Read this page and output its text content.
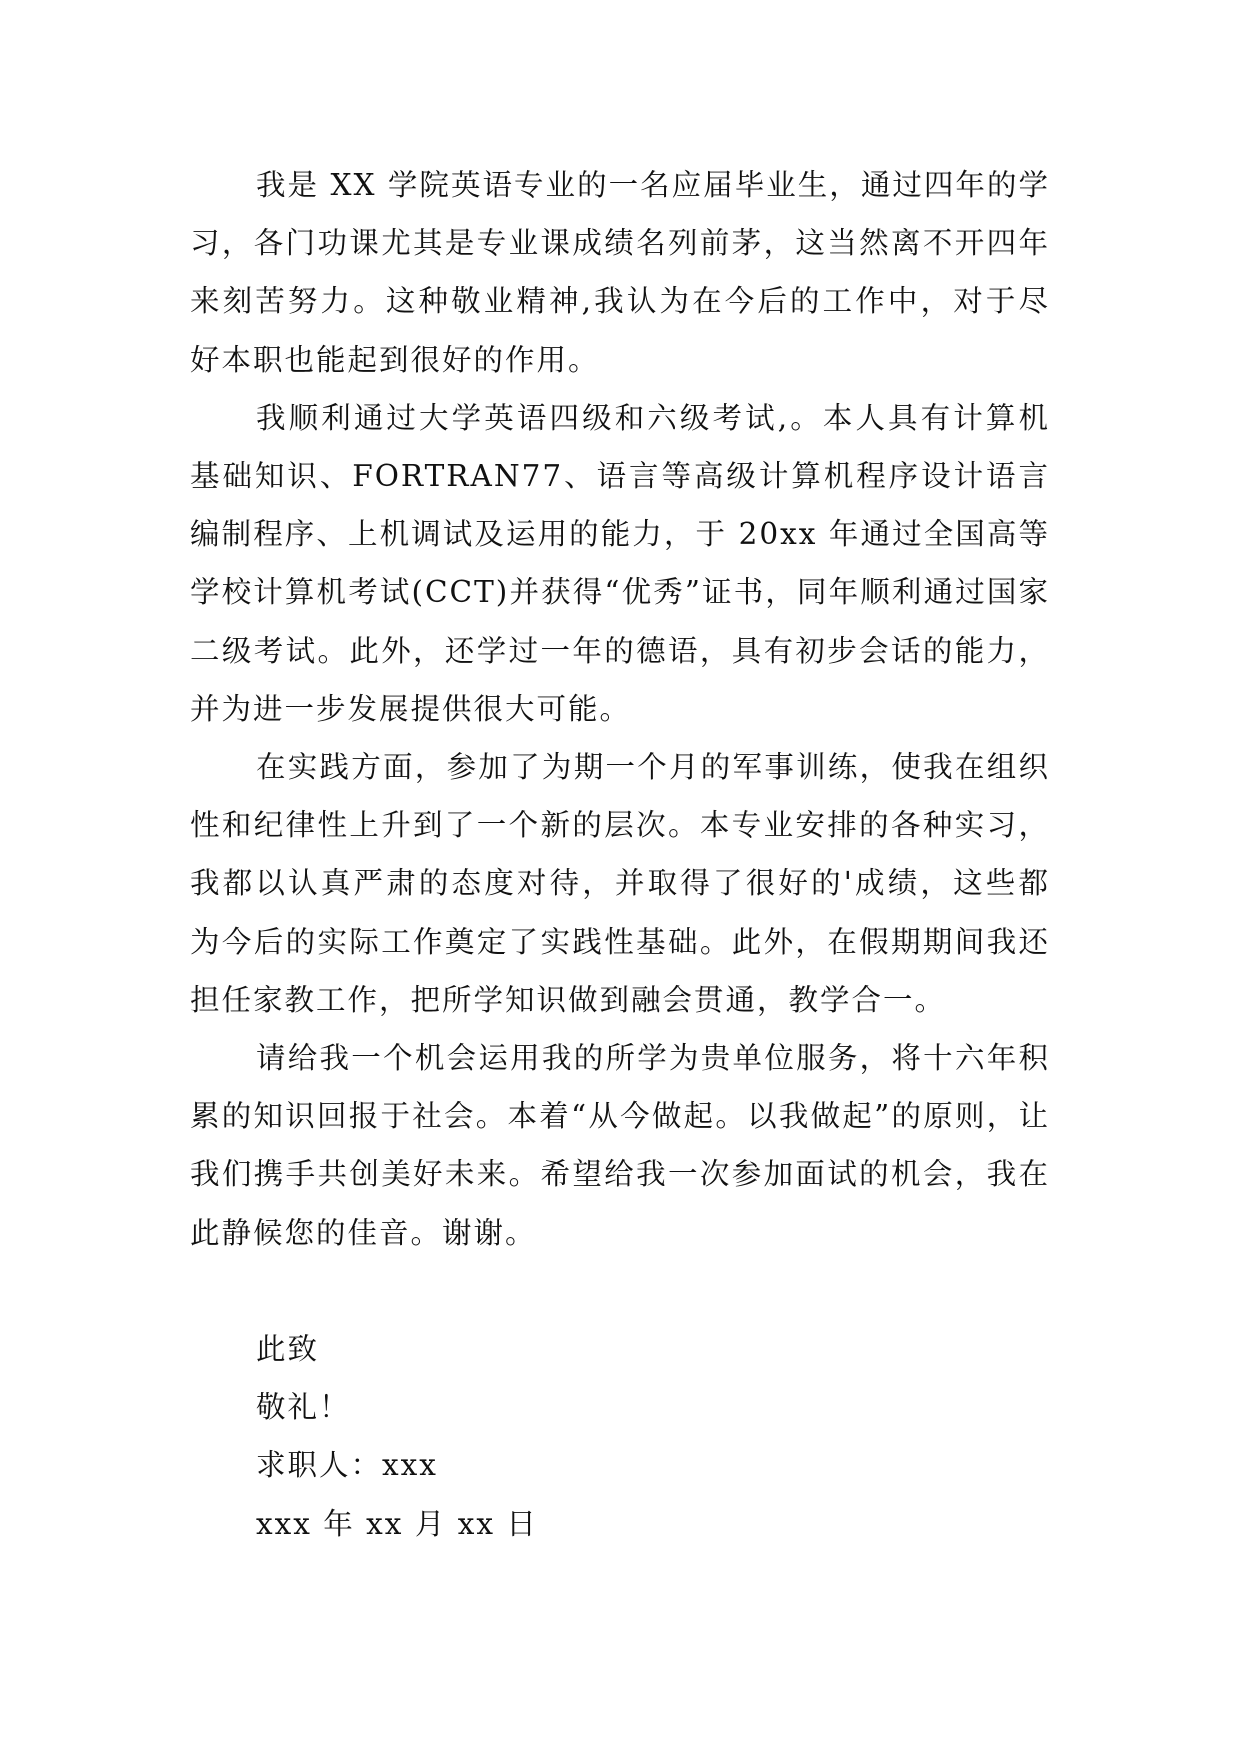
我是 XX 学院英语专业的一名应届毕业生，通过四年的学习，各门功课尤其是专业课成绩名列前茅，这当然离不开四年来刻苦努力。这种敬业精神,我认为在今后的工作中，对于尽好本职也能起到很好的作用。

我顺利通过大学英语四级和六级考试,。本人具有计算机基础知识、FORTRAN77、语言等高级计算机程序设计语言编制程序、上机调试及运用的能力，于 20xx 年通过全国高等学校计算机考试(CCT)并获得“优秀”证书，同年顺利通过国家二级考试。此外，还学过一年的德语，具有初步会话的能力，并为进一步发展提供很大可能。

在实践方面，参加了为期一个月的军事训练，使我在组织性和纪律性上升到了一个新的层次。本专业安排的各种实习，我都以认真严肃的态度对待，并取得了很好的'成绩，这些都为今后的实际工作奠定了实践性基础。此外，在假期期间我还担任家教工作，把所学知识做到融会贯通，教学合一。

请给我一个机会运用我的所学为贵单位服务，将十六年积累的知识回报于社会。本着“从今做起。以我做起”的原则，让我们携手共创美好未来。希望给我一次参加面试的机会，我在此静候您的佳音。谢谢。

此致

敬礼！

求职人：xxx

xxx 年 xx 月 xx 日
